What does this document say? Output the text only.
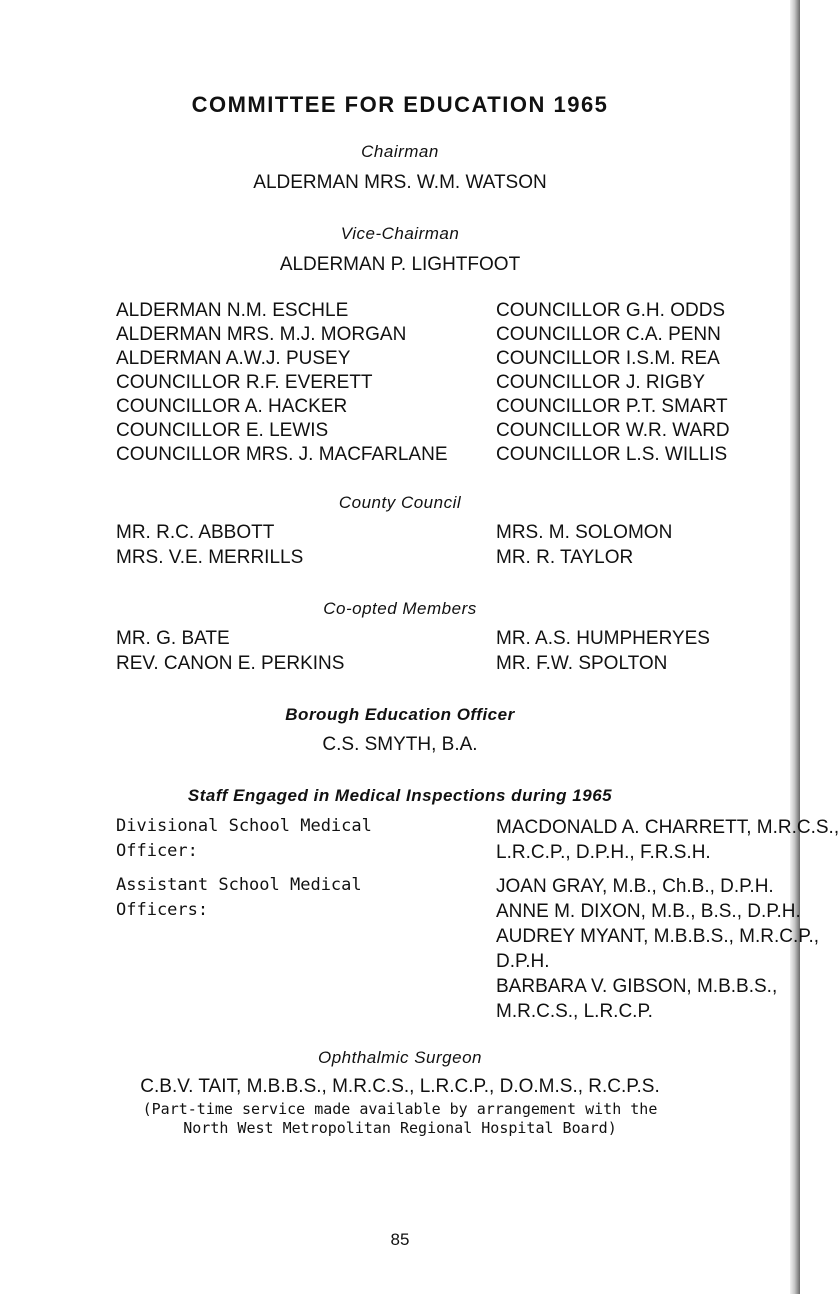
COMMITTEE FOR EDUCATION 1965
Chairman
ALDERMAN MRS. W.M. WATSON
Vice-Chairman
ALDERMAN P. LIGHTFOOT
ALDERMAN N.M. ESCHLE
ALDERMAN MRS. M.J. MORGAN
ALDERMAN A.W.J. PUSEY
COUNCILLOR R.F. EVERETT
COUNCILLOR A. HACKER
COUNCILLOR E. LEWIS
COUNCILLOR MRS. J. MACFARLANE
COUNCILLOR G.H. ODDS
COUNCILLOR C.A. PENN
COUNCILLOR I.S.M. REA
COUNCILLOR J. RIGBY
COUNCILLOR P.T. SMART
COUNCILLOR W.R. WARD
COUNCILLOR L.S. WILLIS
County Council
MR. R.C. ABBOTT
MRS. V.E. MERRILLS
MRS. M. SOLOMON
MR. R. TAYLOR
Co-opted Members
MR. G. BATE
REV. CANON E. PERKINS
MR. A.S. HUMPHERYES
MR. F.W. SPOLTON
Borough Education Officer
C.S. SMYTH, B.A.
Staff Engaged in Medical Inspections during 1965
Divisional School Medical
Officer:
MACDONALD A. CHARRETT, M.R.C.S.,
L.R.C.P., D.P.H., F.R.S.H.
Assistant School Medical
Officers:
JOAN GRAY, M.B., Ch.B., D.P.H.
ANNE M. DIXON, M.B., B.S., D.P.H.
AUDREY MYANT, M.B.B.S., M.R.C.P.,
D.P.H.
BARBARA V. GIBSON, M.B.B.S.,
M.R.C.S., L.R.C.P.
Ophthalmic Surgeon
C.B.V. TAIT, M.B.B.S., M.R.C.S., L.R.C.P., D.O.M.S., R.C.P.S.
(Part-time service made available by arrangement with the
North West Metropolitan Regional Hospital Board)
85
